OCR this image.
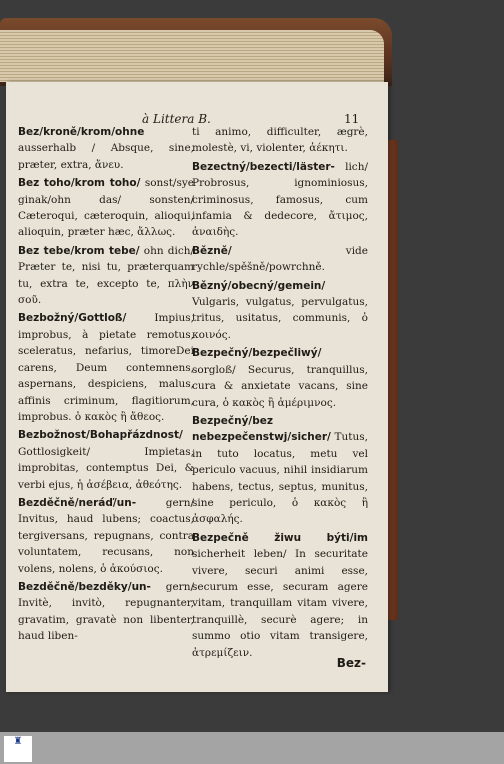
à Littera B.	11

Bez/kroně/krom/ohne ausserhalb / Absque, sine, præter, extra, ἄνευ.

Bez toho/krom toho/ sonst/sye ginak/ohn das/ sonsten/ Cæteroqui, cæteroquin, alioqui, alioquin, præter hæc, ἄλλως.

Bez tebe/krom tebe/ ohn dich/ Præter te, nisi tu, præterquam tu, extra te, excepto te, πλὴν σοῦ.

Bezbožný/Gottloß/	Impius, improbus, à pietate remotus, sceleratus, nefarius, timoreDei carens, Deum contemnens, aspernans, despiciens, malus, affinis criminum, flagitiorum, improbus. ὁ κακὸς ἢ ἄθεος.

Bezbožnost/Bohapřázdnost/ Gottlosigkeit/ Impietas, improbitas, contemptus Dei, & verbi ejus, ἡ ἀσέβεια, ἀθεότης.

Bezděčně/neráď/un-	gern/ Invitus, haud lubens; coactus, tergiversans, repugnans, contra voluntatem, recusans, non volens, nolens, ὁ ἀκούσιος.

Bezděčně/bezděky/un- gern/ Invitè, invitò, repugnanter, gravatim, gravatè non libenter, haud liben-

ti animo, difficulter, ægrè, molestè, vi, violenter, ἀέκητι.

Bezectný/bezecti/läster- lich/ Probrosus, ignominiosus, criminosus, famosus, cum infamia & dedecore, ἄτιμος, ἀναιδὴς.

Bězně/	vide rychle/spěšně/powrchně.

Bězný/obecný/gemein/ Vulgaris, vulgatus, pervulgatus, tritus, usitatus, communis, ὁ κοινός.

Bezpečný/bezpečliwý/ sorgloß/ Securus, tranquillus, cura & anxietate vacans, sine cura, ὁ κακὸς ἢ ἀμέριμνος.

Bezpečný/bez nebezpečenstwj/sicher/ Tutus, in tuto locatus, metu vel periculo vacuus, nihil insidiarum habens, tectus, septus, munitus, sine periculo, ὁ κακὸς ἢ ἀσφαλής.

Bezpečně žiwu býti/im sicherheit leben/ In securitate vivere, securi animi esse, securum esse, securam agere vitam, tranquillam vitam vivere, tranquillè, securè agere; in summo otio vitam transigere, ἀτρεμίζειν.

Bez-
♜
